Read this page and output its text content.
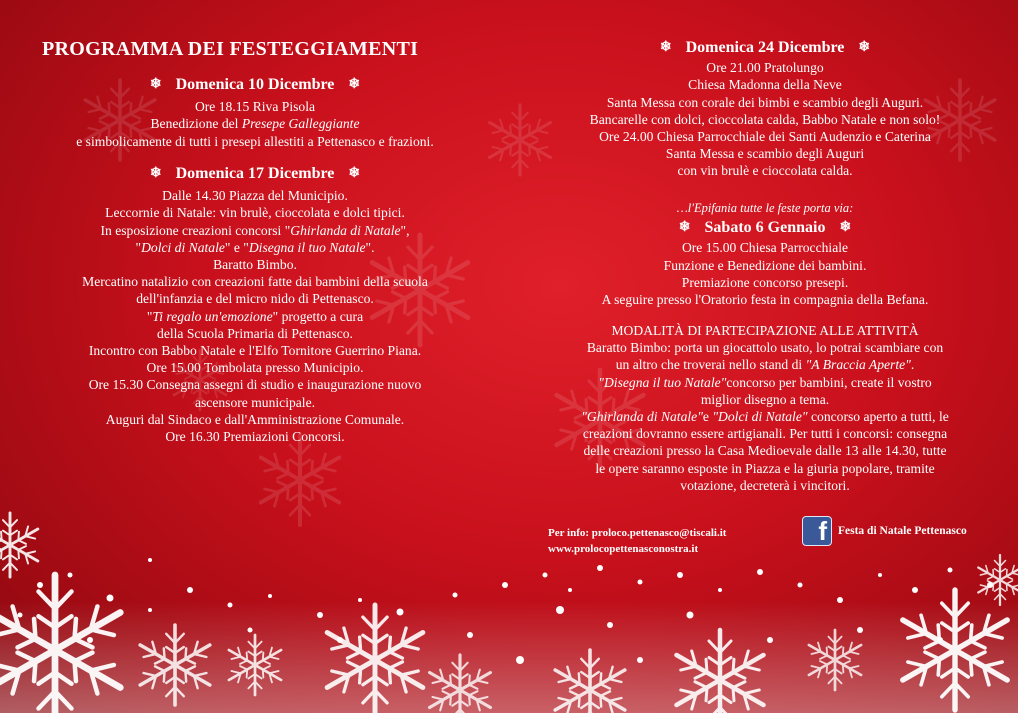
PROGRAMMA DEI FESTEGGIAMENTI
❄ Domenica 10 Dicembre ❄
Ore 18.15 Riva Pisola
Benedizione del Presepe Galleggiante
e simbolicamente di tutti i presepi allestiti a Pettenasco e frazioni.
❄ Domenica 17 Dicembre ❄
Dalle 14.30 Piazza del Municipio.
Leccornie di Natale: vin brulè, cioccolata e dolci tipici.
In esposizione creazioni concorsi "Ghirlanda di Natale",
"Dolci di Natale" e "Disegna il tuo Natale".
Baratto Bimbo.
Mercatino natalizio con creazioni fatte dai bambini della scuola
dell'infanzia e del micro nido di Pettenasco.
"Ti regalo un'emozione" progetto a cura
della Scuola Primaria di Pettenasco.
Incontro con Babbo Natale e l'Elfo Tornitore Guerrino Piana.
Ore 15.00 Tombolata presso Municipio.
Ore 15.30 Consegna assegni di studio e inaugurazione nuovo
ascensore municipale.
Auguri dal Sindaco e dall'Amministrazione Comunale.
Ore 16.30 Premiazioni Concorsi.
❄ Domenica 24 Dicembre ❄
Ore 21.00 Pratolungo
Chiesa Madonna della Neve
Santa Messa con corale dei bimbi e scambio degli Auguri.
Bancarelle con dolci, cioccolata calda, Babbo Natale e non solo!
Ore 24.00 Chiesa Parrocchiale dei Santi Audenzio e Caterina
Santa Messa e scambio degli Auguri
con vin brulè e cioccolata calda.
…l'Epifania tutte le feste porta via:
❄ Sabato 6 Gennaio ❄
Ore 15.00 Chiesa Parrocchiale
Funzione e Benedizione dei bambini.
Premiazione concorso presepi.
A seguire presso l'Oratorio festa in compagnia della Befana.
MODALITÀ DI PARTECIPAZIONE ALLE ATTIVITÀ
Baratto Bimbo: porta un giocattolo usato, lo potrai scambiare con
un altro che troverai nello stand di "A Braccia Aperte".
"Disegna il tuo Natale"concorso per bambini, create il vostro
miglior disegno a tema.
"Ghirlanda di Natale"e "Dolci di Natale" concorso aperto a tutti, le
creazioni dovranno essere artigianali. Per tutti i concorsi: consegna
delle creazioni presso la Casa Medioevale dalle 13 alle 14.30, tutte
le opere saranno esposte in Piazza e la giuria popolare, tramite
votazione, decreterà i vincitori.
Per info: proloco.pettenasco@tiscali.it
www.prolocopettenasconostra.it
f Festa di Natale Pettenasco
